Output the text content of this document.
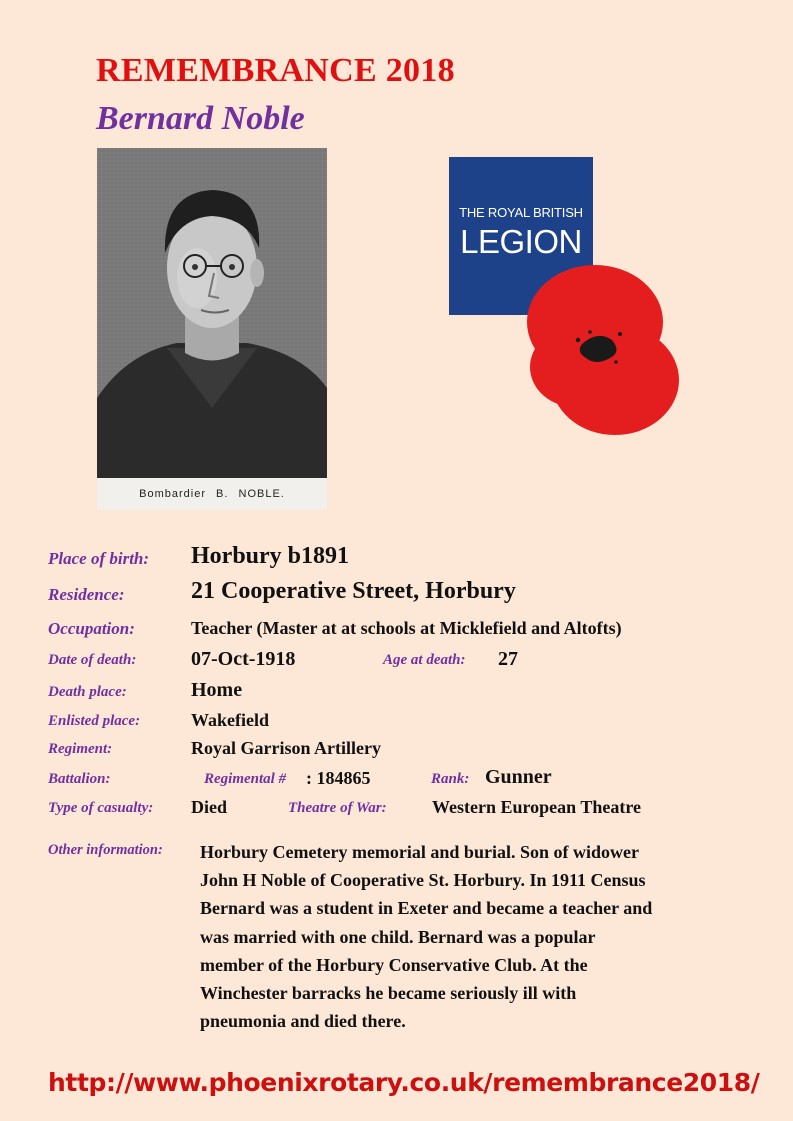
REMEMBRANCE 2018
Bernard Noble
Bombardier B. NOBLE.
THE ROYAL BRITISH
LEGION
Place of birth: Horbury b1891
Residence:	21 Cooperative Street, Horbury
Occupation:	Teacher (Master at at schools at Micklefield and Altofts)
Date of death:	07-Oct-1918	Age at death: 27
Death place:	Home
Enlisted place:	Wakefield
Regiment:	Royal Garrison Artillery
Battalion:	Regimental # : 184865	Rank: Gunner
Type of casualty: Died	Theatre of War:	Western European Theatre
Other information: Horbury Cemetery memorial and burial. Son of widower
John H Noble of Cooperative St. Horbury. In 1911 Census
Bernard was a student in Exeter and became a teacher and
was married with one child. Bernard was a popular
member of the Horbury Conservative Club. At the
Winchester barracks he became seriously ill with
pneumonia and died there.
http://www.phoenixrotary.co.uk/remembrance2018/
